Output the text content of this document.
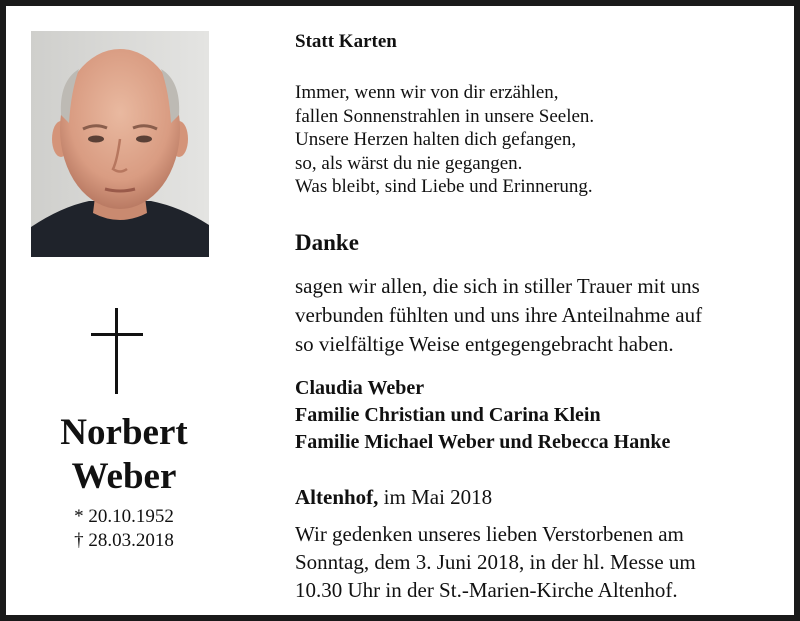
Norbert
Weber
* 20.10.1952
† 28.03.2018
Statt Karten
Immer, wenn wir von dir erzählen,
fallen Sonnenstrahlen in unsere Seelen.
Unsere Herzen halten dich gefangen,
so, als wärst du nie gegangen.
Was bleibt, sind Liebe und Erinnerung.
Danke
sagen wir allen, die sich in stiller Trauer mit uns
verbunden fühlten und uns ihre Anteilnahme auf
so vielfältige Weise entgegengebracht haben.
Claudia Weber
Familie Christian und Carina Klein
Familie Michael Weber und Rebecca Hanke
Altenhof, im Mai 2018
Wir gedenken unseres lieben Verstorbenen am
Sonntag, dem 3. Juni 2018, in der hl. Messe um
10.30 Uhr in der St.-Marien-Kirche Altenhof.
